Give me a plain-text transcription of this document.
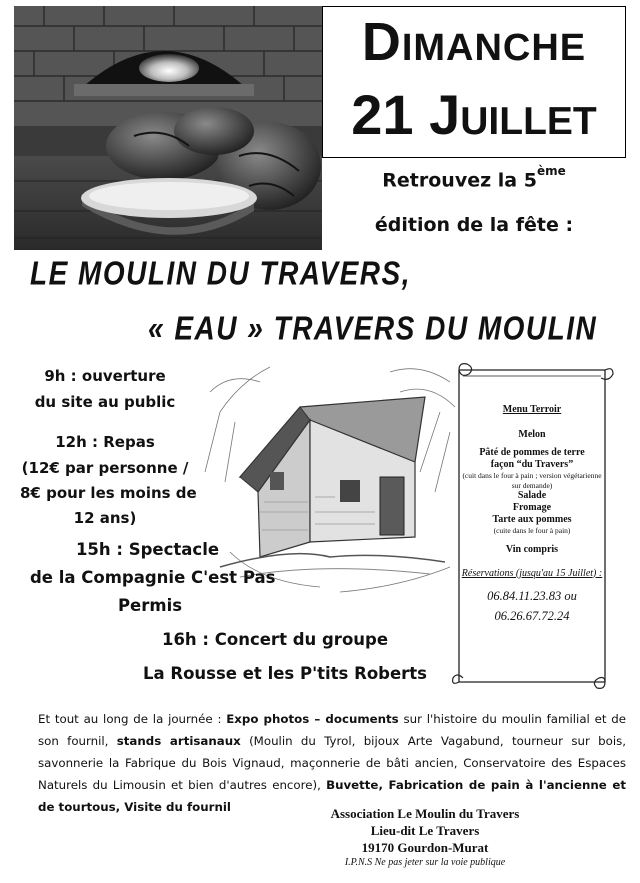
Dimanche
21 Juillet
Retrouvez la 5ème
édition de la fête :
LE MOULIN DU TRAVERS,
« EAU » TRAVERS DU MOULIN
9h : ouverture
du site au public
12h : Repas
(12€ par personne /
8€ pour les moins de
12 ans)
15h : Spectacle
de la Compagnie C'est Pas
Permis
16h : Concert du groupe
La Rousse et les P'tits Roberts
Menu Terroir
Melon
Pâté de pommes de terre
façon “du Travers”
(cuit dans le four à pain ; version végétarienne sur demande)
Salade
Fromage
Tarte aux pommes
(cuite dans le four à pain)
Vin compris
Réservations (jusqu'au 15 Juillet) :
06.84.11.23.83 ou
06.26.67.72.24
Et tout au long de la journée : Expo photos – documents sur l'histoire du moulin familial et de son fournil, stands artisanaux (Moulin du Tyrol, bijoux Arte Vagabund, tourneur sur bois, savonnerie la Fabrique du Bois Vignaud, maçonnerie de bâti ancien, Conservatoire des Espaces Naturels du Limousin et bien d'autres encore), Buvette, Fabrication de pain à l'ancienne et de tourtous, Visite du fournil	Association Le Moulin du Travers
Lieu-dit Le Travers
19170 Gourdon-Murat
I.P.N.S Ne pas jeter sur la voie publique
